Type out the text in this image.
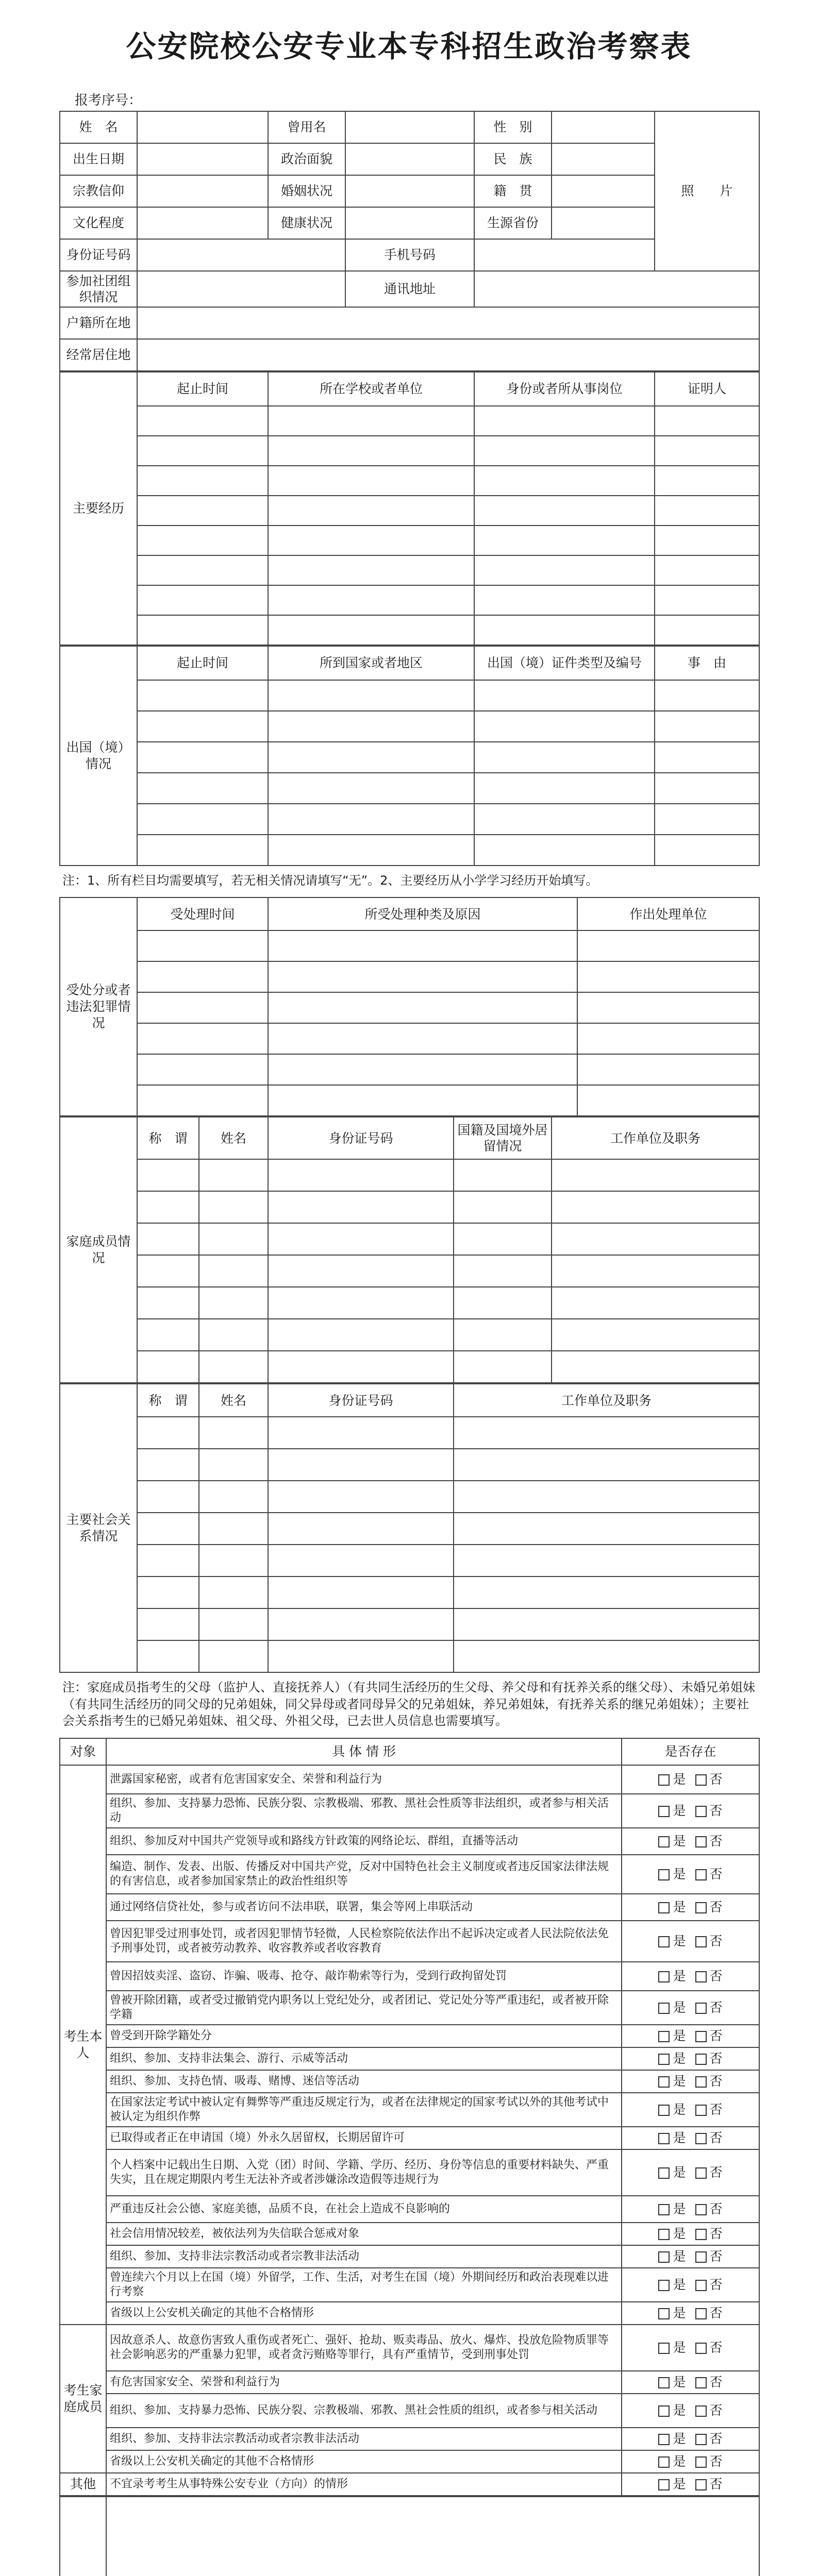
公安院校公安专业本专科招生政治考察表
报考序号：
姓　名		曾用名		性　别		照　　片
出生日期		政治面貌		民　族		
宗教信仰		婚姻状况		籍　贯		
文化程度		健康状况		生源省份		
身份证号码			手机号码			
参加社团组织情况			通讯地址			
户籍所在地						
经常居住地						
主要经历	起止时间	所在学校或者单位	身份或者所从事岗位	证明人

出国（境）情况	起止时间	所到国家或者地区	出国（境）证件类型及编号	事　由

注：1、所有栏目均需要填写，若无相关情况请填写“无”。2、主要经历从小学学习经历开始填写。
受处分或者违法犯罪情况	受处理时间	所受处理种类及原因	作出处理单位

家庭成员情况	称　谓	姓名	身份证号码	国籍及国境外居留情况	工作单位及职务

主要社会关系情况	称　谓	姓名	身份证号码	工作单位及职务

注：家庭成员指考生的父母（监护人、直接抚养人）（有共同生活经历的生父母、养父母和有抚养关系的继父母）、未婚兄弟姐妹（有共同生活经历的同父母的兄弟姐妹，同父异母或者同母异父的兄弟姐妹，养兄弟姐妹，有抚养关系的继兄弟姐妹）；主要社会关系指考生的已婚兄弟姐妹、祖父母、外祖父母，已去世人员信息也需要填写。
对象	具 体 情 形	是否存在
考生本人	泄露国家秘密，或者有危害国家安全、荣誉和利益行为	是 否
	组织、参加、支持暴力恐怖、民族分裂、宗教极端、邪教、黑社会性质等非法组织，或者参与相关活动	是 否
	组织、参加反对中国共产党领导或和路线方针政策的网络论坛、群组，直播等活动	是 否
	编造、制作、发表、出版、传播反对中国共产党，反对中国特色社会主义制度或者违反国家法律法规的有害信息，或者参加国家禁止的政治性组织等	是 否
	通过网络信贷社处，参与或者访问不法串联，联署，集会等网上串联活动	是 否
	曾因犯罪受过刑事处罚，或者因犯罪情节轻微，人民检察院依法作出不起诉决定或者人民法院依法免予刑事处罚，或者被劳动教养、收容教养或者收容教育	是 否
	曾因招妓卖淫、盗窃、诈骗、吸毒、抢夺、敲诈勒索等行为，受到行政拘留处罚	是 否
	曾被开除团籍，或者受过撤销党内职务以上党纪处分，或者团记、党记处分等严重违纪，或者被开除学籍	是 否
	曾受到开除学籍处分	是 否
	组织、参加、支持非法集会、游行、示威等活动	是 否
	组织、参加、支持色情、吸毒、赌博、迷信等活动	是 否
	在国家法定考试中被认定有舞弊等严重违反规定行为，或者在法律规定的国家考试以外的其他考试中被认定为组织作弊	是 否
	已取得或者正在申请国（境）外永久居留权，长期居留许可	是 否
	个人档案中记载出生日期、入党（团）时间、学籍、学历、经历、身份等信息的重要材料缺失、严重失实，且在规定期限内考生无法补齐或者涉嫌涂改造假等违规行为	是 否
	严重违反社会公德、家庭美德，品质不良，在社会上造成不良影响的	是 否
	社会信用情况较差，被依法列为失信联合惩戒对象	是 否
	组织、参加、支持非法宗教活动或者宗教非法活动	是 否
	曾连续六个月以上在国（境）外留学，工作、生活，对考生在国（境）外期间经历和政治表现难以进行考察	是 否
	省级以上公安机关确定的其他不合格情形	是 否
考生家庭成员	因故意杀人、故意伤害致人重伤或者死亡、强奸、抢劫、贩卖毒品、放火、爆炸、投放危险物质罪等社会影响恶劣的严重暴力犯罪，或者贪污贿赂等罪行，具有严重情节，受到刑事处罚	是 否
	有危害国家安全、荣誉和利益行为	是 否
	组织、参加、支持暴力恐怖、民族分裂、宗教极端、邪教、黑社会性质的组织，或者参与相关活动	是 否
	组织、参加、支持非法宗教活动或者宗教非法活动	是 否
	省级以上公安机关确定的其他不合格情形	是 否
其他	不宜录考考生从事特殊公安专业（方向）的情形	是 否
